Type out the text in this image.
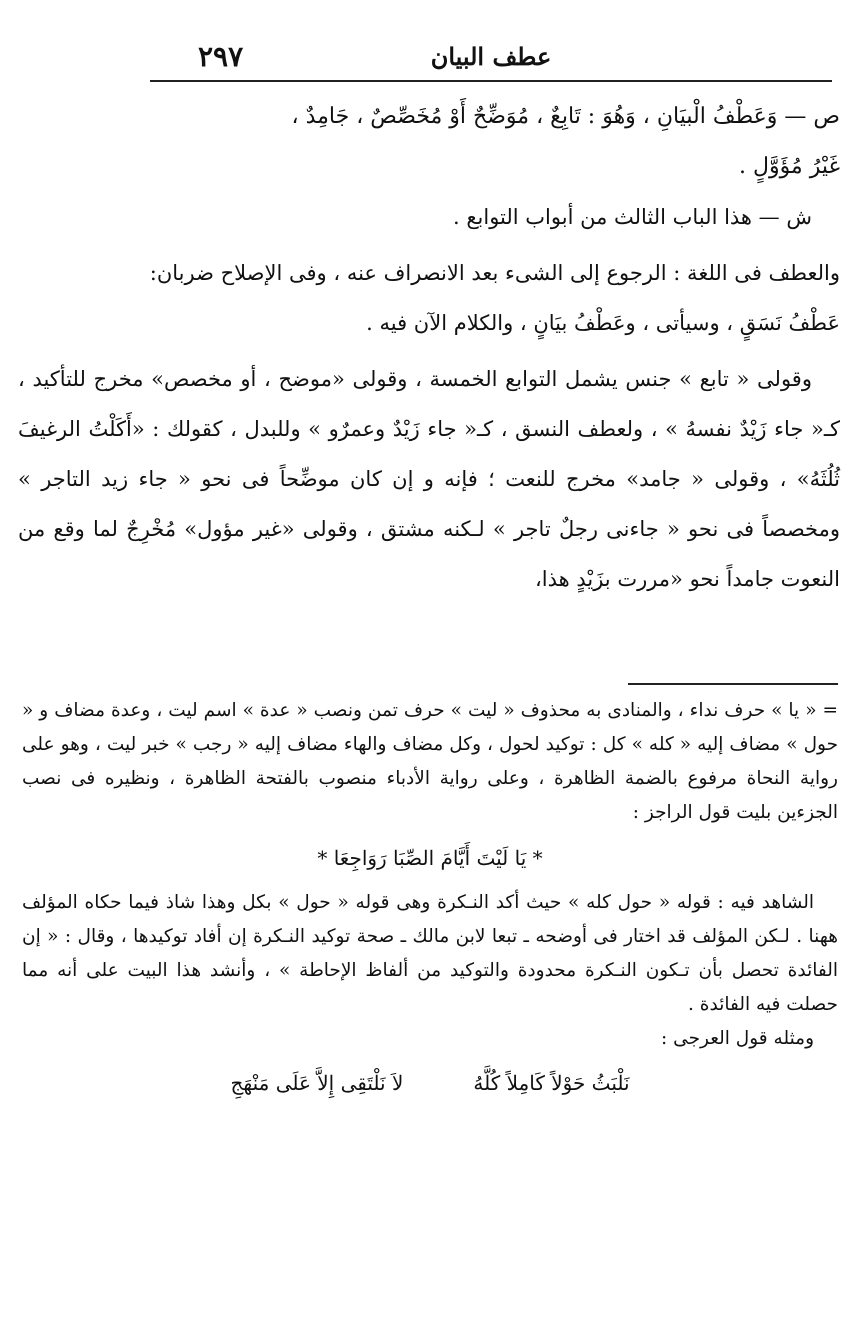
٢٩٧	عطف البيان

ص — وَعَطْفُ الْبيَانِ ، وَهُوَ : تَابِعٌ ، مُوَضِّحٌ أَوْ مُخَصِّصٌ ، جَامِدٌ ،

غَيْرُ مُؤَوَّلٍ .

ش — هذا الباب الثالث من أبواب التوابع .

والعطف فى اللغة : الرجوع إلى الشىء بعد الانصراف عنه ، وفى الإصلاح ضربان:

عَطْفُ نَسَقٍ ، وسيأتى ، وعَطْفُ بيَانٍ ، والكلام الآن فيه .

وقولى « تابع » جنس يشمل التوابع الخمسة ، وقولى «موضح ، أو مخصص» مخرج للتأكيد ، كـ« جاء زَيْدٌ نفسهُ » ، ولعطف النسق ، كـ« جاء زَيْدٌ وعمرٌو » وللبدل ، كقولك : «أَكَلْتُ الرغيفَ ثُلُثَهُ» ، وقولى « جامد» مخرج للنعت ؛ فإنه و إن كان موضِّحاً فى نحو « جاء زيد التاجر » ومخصصاً فى نحو « جاءنى رجلٌ تاجر » لـكنه مشتق ، وقولى «غير مؤول» مُخْرِجٌ لما وقع من النعوت جامداً نحو «مررت بزَيْدٍ هذا،

= « يا » حرف نداء ، والمنادى به محذوف « ليت » حرف تمن ونصب « عدة » اسم ليت ، وعدة مضاف و « حول » مضاف إليه « كله » كل : توكيد لحول ، وكل مضاف والهاء مضاف إليه « رجب » خبر ليت ، وهو على رواية النحاة مرفوع بالضمة الظاهرة ، وعلى رواية الأدباء منصوب بالفتحة الظاهرة ، ونظيره فى نصب الجزءين بليت قول الراجز :

* يَا لَيْتَ أَيَّامَ الصِّبَا رَوَاجِعَا *

الشاهد فيه : قوله « حول كله » حيث أكد النـكرة وهى قوله « حول » بكل وهذا شاذ فيما حكاه المؤلف ههنا . لـكن المؤلف قد اختار فى أوضحه ـ تبعا لابن مالك ـ صحة توكيد النـكرة إن أفاد توكيدها ، وقال : « إن الفائدة تحصل بأن تـكون النـكرة محدودة والتوكيد من ألفاظ الإحاطة » ، وأنشد هذا البيت على أنه مما حصلت فيه الفائدة .

ومثله قول العرجى :

نَلْبَثُ حَوْلاً كَامِلاً كُلَّهُ
لاَ نَلْتَقِى إِلاَّ عَلَى مَنْهَجِ
